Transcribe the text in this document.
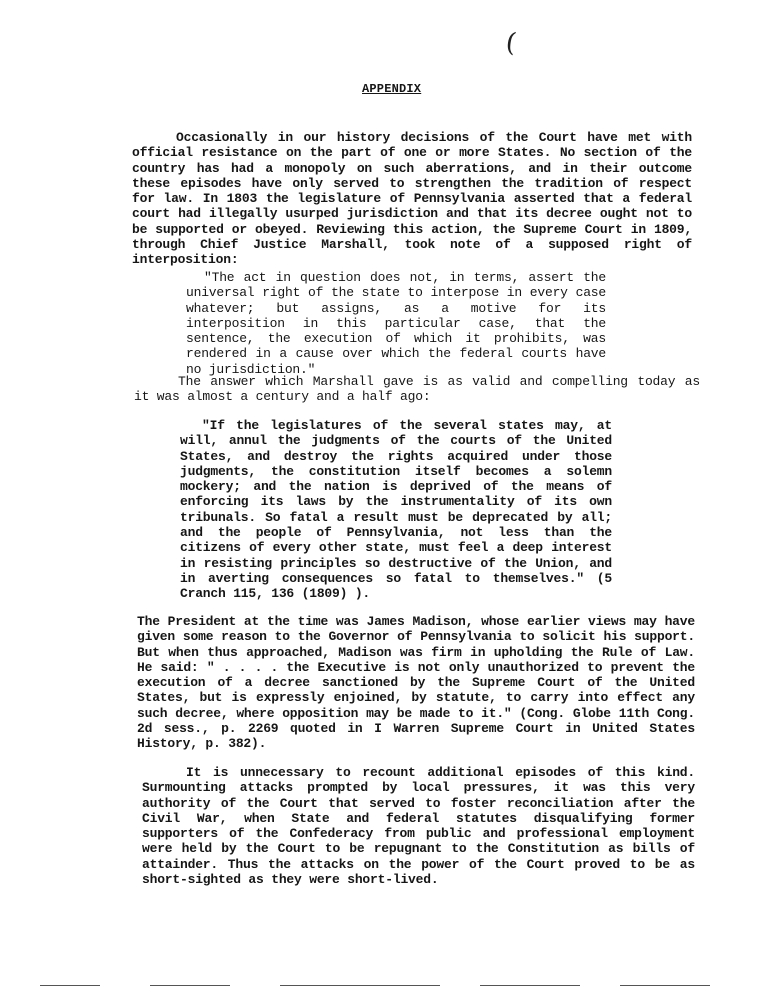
(
APPENDIX

Occasionally in our history decisions of the Court have met with official resistance on the part of one or more States. No section of the country has had a monopoly on such aberrations, and in their outcome these episodes have only served to strengthen the tradition of respect for law. In 1803 the legislature of Pennsylvania asserted that a federal court had illegally usurped jurisdiction and that its decree ought not to be supported or obeyed. Reviewing this action, the Supreme Court in 1809, through Chief Justice Marshall, took note of a supposed right of interposition:

"The act in question does not, in terms, assert the universal right of the state to interpose in every case whatever; but assigns, as a motive for its interposition in this particular case, that the sentence, the execution of which it prohibits, was rendered in a cause over which the federal courts have no jurisdiction."

The answer which Marshall gave is as valid and compelling today as it was almost a century and a half ago:

"If the legislatures of the several states may, at will, annul the judgments of the courts of the United States, and destroy the rights acquired under those judgments, the constitution itself becomes a solemn mockery; and the nation is deprived of the means of enforcing its laws by the instrumentality of its own tribunals. So fatal a result must be deprecated by all; and the people of Pennsylvania, not less than the citizens of every other state, must feel a deep interest in resisting principles so destructive of the Union, and in averting consequences so fatal to themselves." (5 Cranch 115, 136 (1809) ).

The President at the time was James Madison, whose earlier views may have given some reason to the Governor of Pennsylvania to solicit his support. But when thus approached, Madison was firm in upholding the Rule of Law. He said: " . . . . the Executive is not only unauthorized to prevent the execution of a decree sanctioned by the Supreme Court of the United States, but is expressly enjoined, by statute, to carry into effect any such decree, where opposition may be made to it." (Cong. Globe 11th Cong. 2d sess., p. 2269 quoted in I Warren Supreme Court in United States History, p. 382).

It is unnecessary to recount additional episodes of this kind. Surmounting attacks prompted by local pressures, it was this very authority of the Court that served to foster reconciliation after the Civil War, when State and federal statutes disqualifying former supporters of the Confederacy from public and professional employment were held by the Court to be repugnant to the Constitution as bills of attainder. Thus the attacks on the power of the Court proved to be as short-sighted as they were short-lived.
